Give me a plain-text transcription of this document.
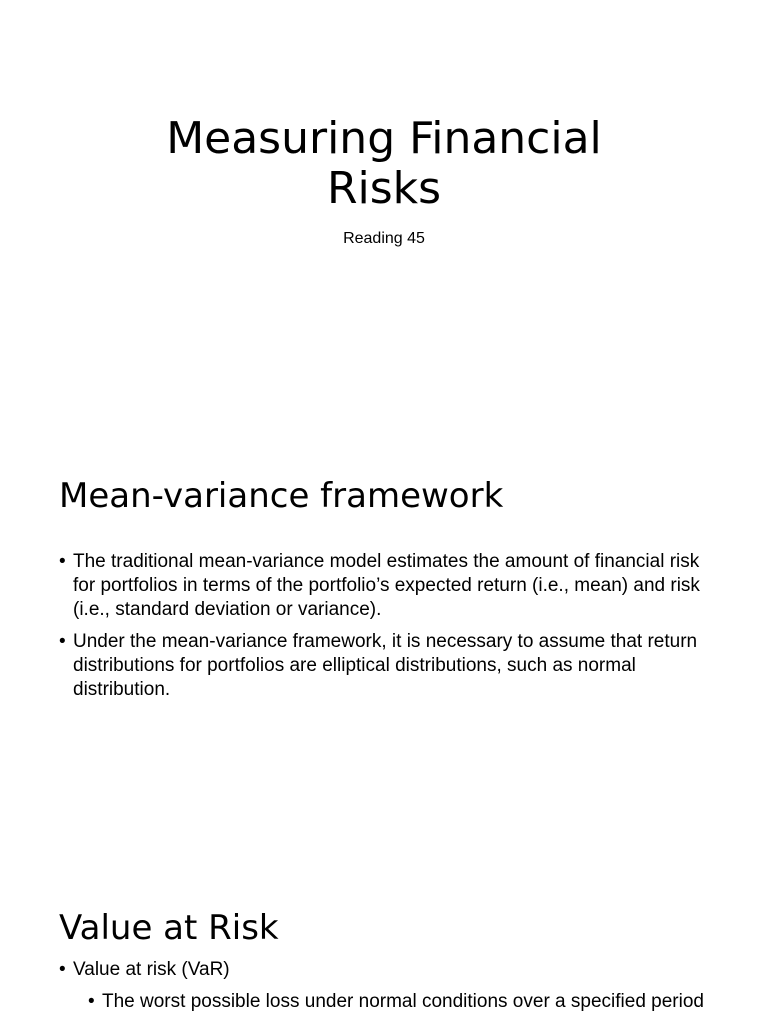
Measuring Financial
Risks
Reading 45
Mean-variance framework
• The traditional mean-variance model estimates the amount of financial risk for portfolios in terms of the portfolio’s expected return (i.e., mean) and risk (i.e., standard deviation or variance).
• Under the mean-variance framework, it is necessary to assume that return distributions for portfolios are elliptical distributions, such as normal distribution.
Value at Risk
• Value at risk (VaR)
• The worst possible loss under normal conditions over a specified period
